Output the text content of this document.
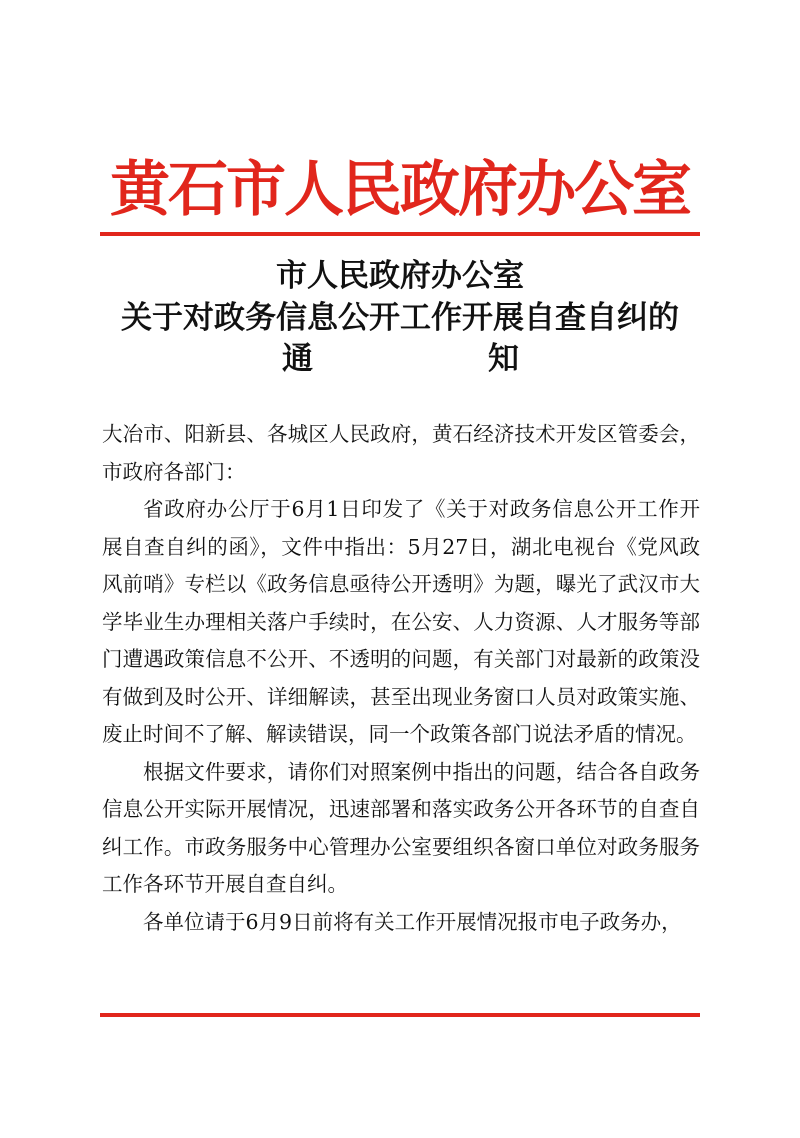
黄石市人民政府办公室
市人民政府办公室
关于对政务信息公开工作开展自查自纠的
通	知

大冶市、阳新县、各城区人民政府，黄石经济技术开发区管委会，市政府各部门：

省政府办公厅于6月1日印发了《关于对政务信息公开工作开展自查自纠的函》，文件中指出：5月27日，湖北电视台《党风政风前哨》专栏以《政务信息亟待公开透明》为题，曝光了武汉市大学毕业生办理相关落户手续时，在公安、人力资源、人才服务等部门遭遇政策信息不公开、不透明的问题，有关部门对最新的政策没有做到及时公开、详细解读，甚至出现业务窗口人员对政策实施、废止时间不了解、解读错误，同一个政策各部门说法矛盾的情况。

根据文件要求，请你们对照案例中指出的问题，结合各自政务信息公开实际开展情况，迅速部署和落实政务公开各环节的自查自纠工作。市政务服务中心管理办公室要组织各窗口单位对政务服务工作各环节开展自查自纠。

各单位请于6月9日前将有关工作开展情况报市电子政务办，
